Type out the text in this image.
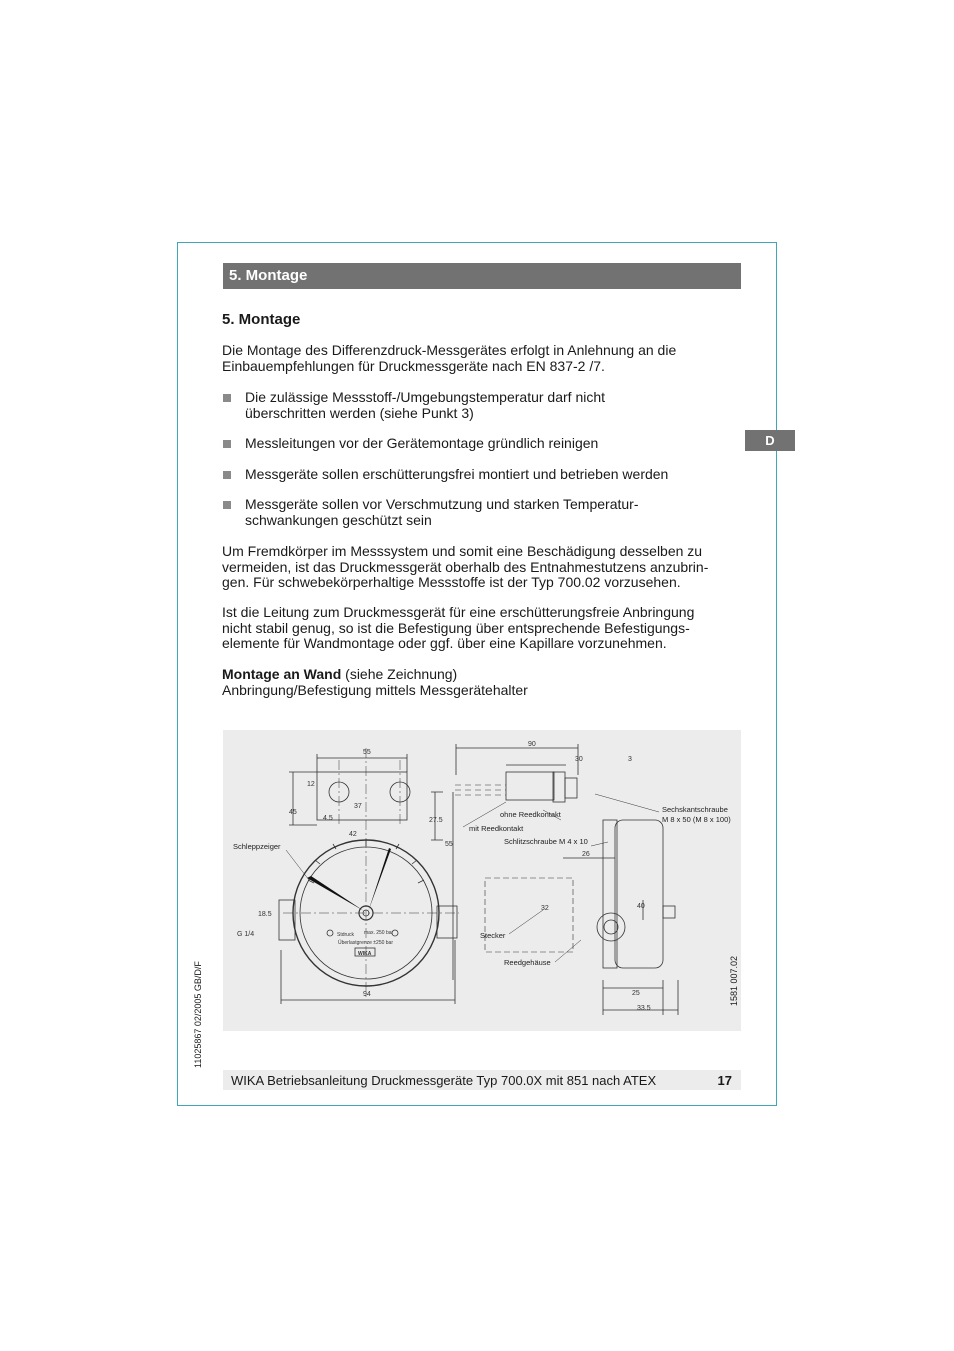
5. Montage
5. Montage

Die Montage des Differenzdruck-Messgerätes erfolgt in Anlehnung an die
Einbauempfehlungen für Druckmessgeräte nach EN 837-2 /7.

Die zulässige Messstoff-/Umgebungstemperatur darf nicht
überschritten werden (siehe Punkt 3)
Messleitungen vor der Gerätemontage gründlich reinigen
Messgeräte sollen erschütterungsfrei montiert und betrieben werden
Messgeräte sollen vor Verschmutzung und starken Temperatur-
schwankungen geschützt sein
D

Um Fremdkörper im Messsystem und somit eine Beschädigung desselben zu
vermeiden, ist das Druckmessgerät oberhalb des Entnahmestutzens anzubrin-
gen. Für schwebekörperhaltige Messstoffe ist der Typ 700.02 vorzusehen.

Ist die Leitung zum Druckmessgerät für eine erschütterungsfreie Anbringung
nicht stabil genug, so ist die Befestigung über entsprechende Befestigungs-
elemente für Wandmontage oder ggf. über eine Kapillare vorzunehmen.

Montage an Wand (siehe Zeichnung)
Anbringung/Befestigung mittels Messgerätehalter

Schleppzeiger
Sechskantschraube
M 8 x 50 (M 8 x 100)
ohne Reedkontakt
mit Reedkontakt
Schlitzschraube M 4 x 10
Stecker
Reedgehäuse
Stdruck max. 250 bar
Überlastgrenze ±250 bar
WIKA
55
90
30	3
37
45
4.5
42
27.5
55
12
26
32	40
18.5
G 1/4
94	25
33.5
1581 007.02
11025867 02/2005 GB/D/F
WIKA Betriebsanleitung Druckmessgeräte Typ 700.0X mit 851 nach ATEX	17
